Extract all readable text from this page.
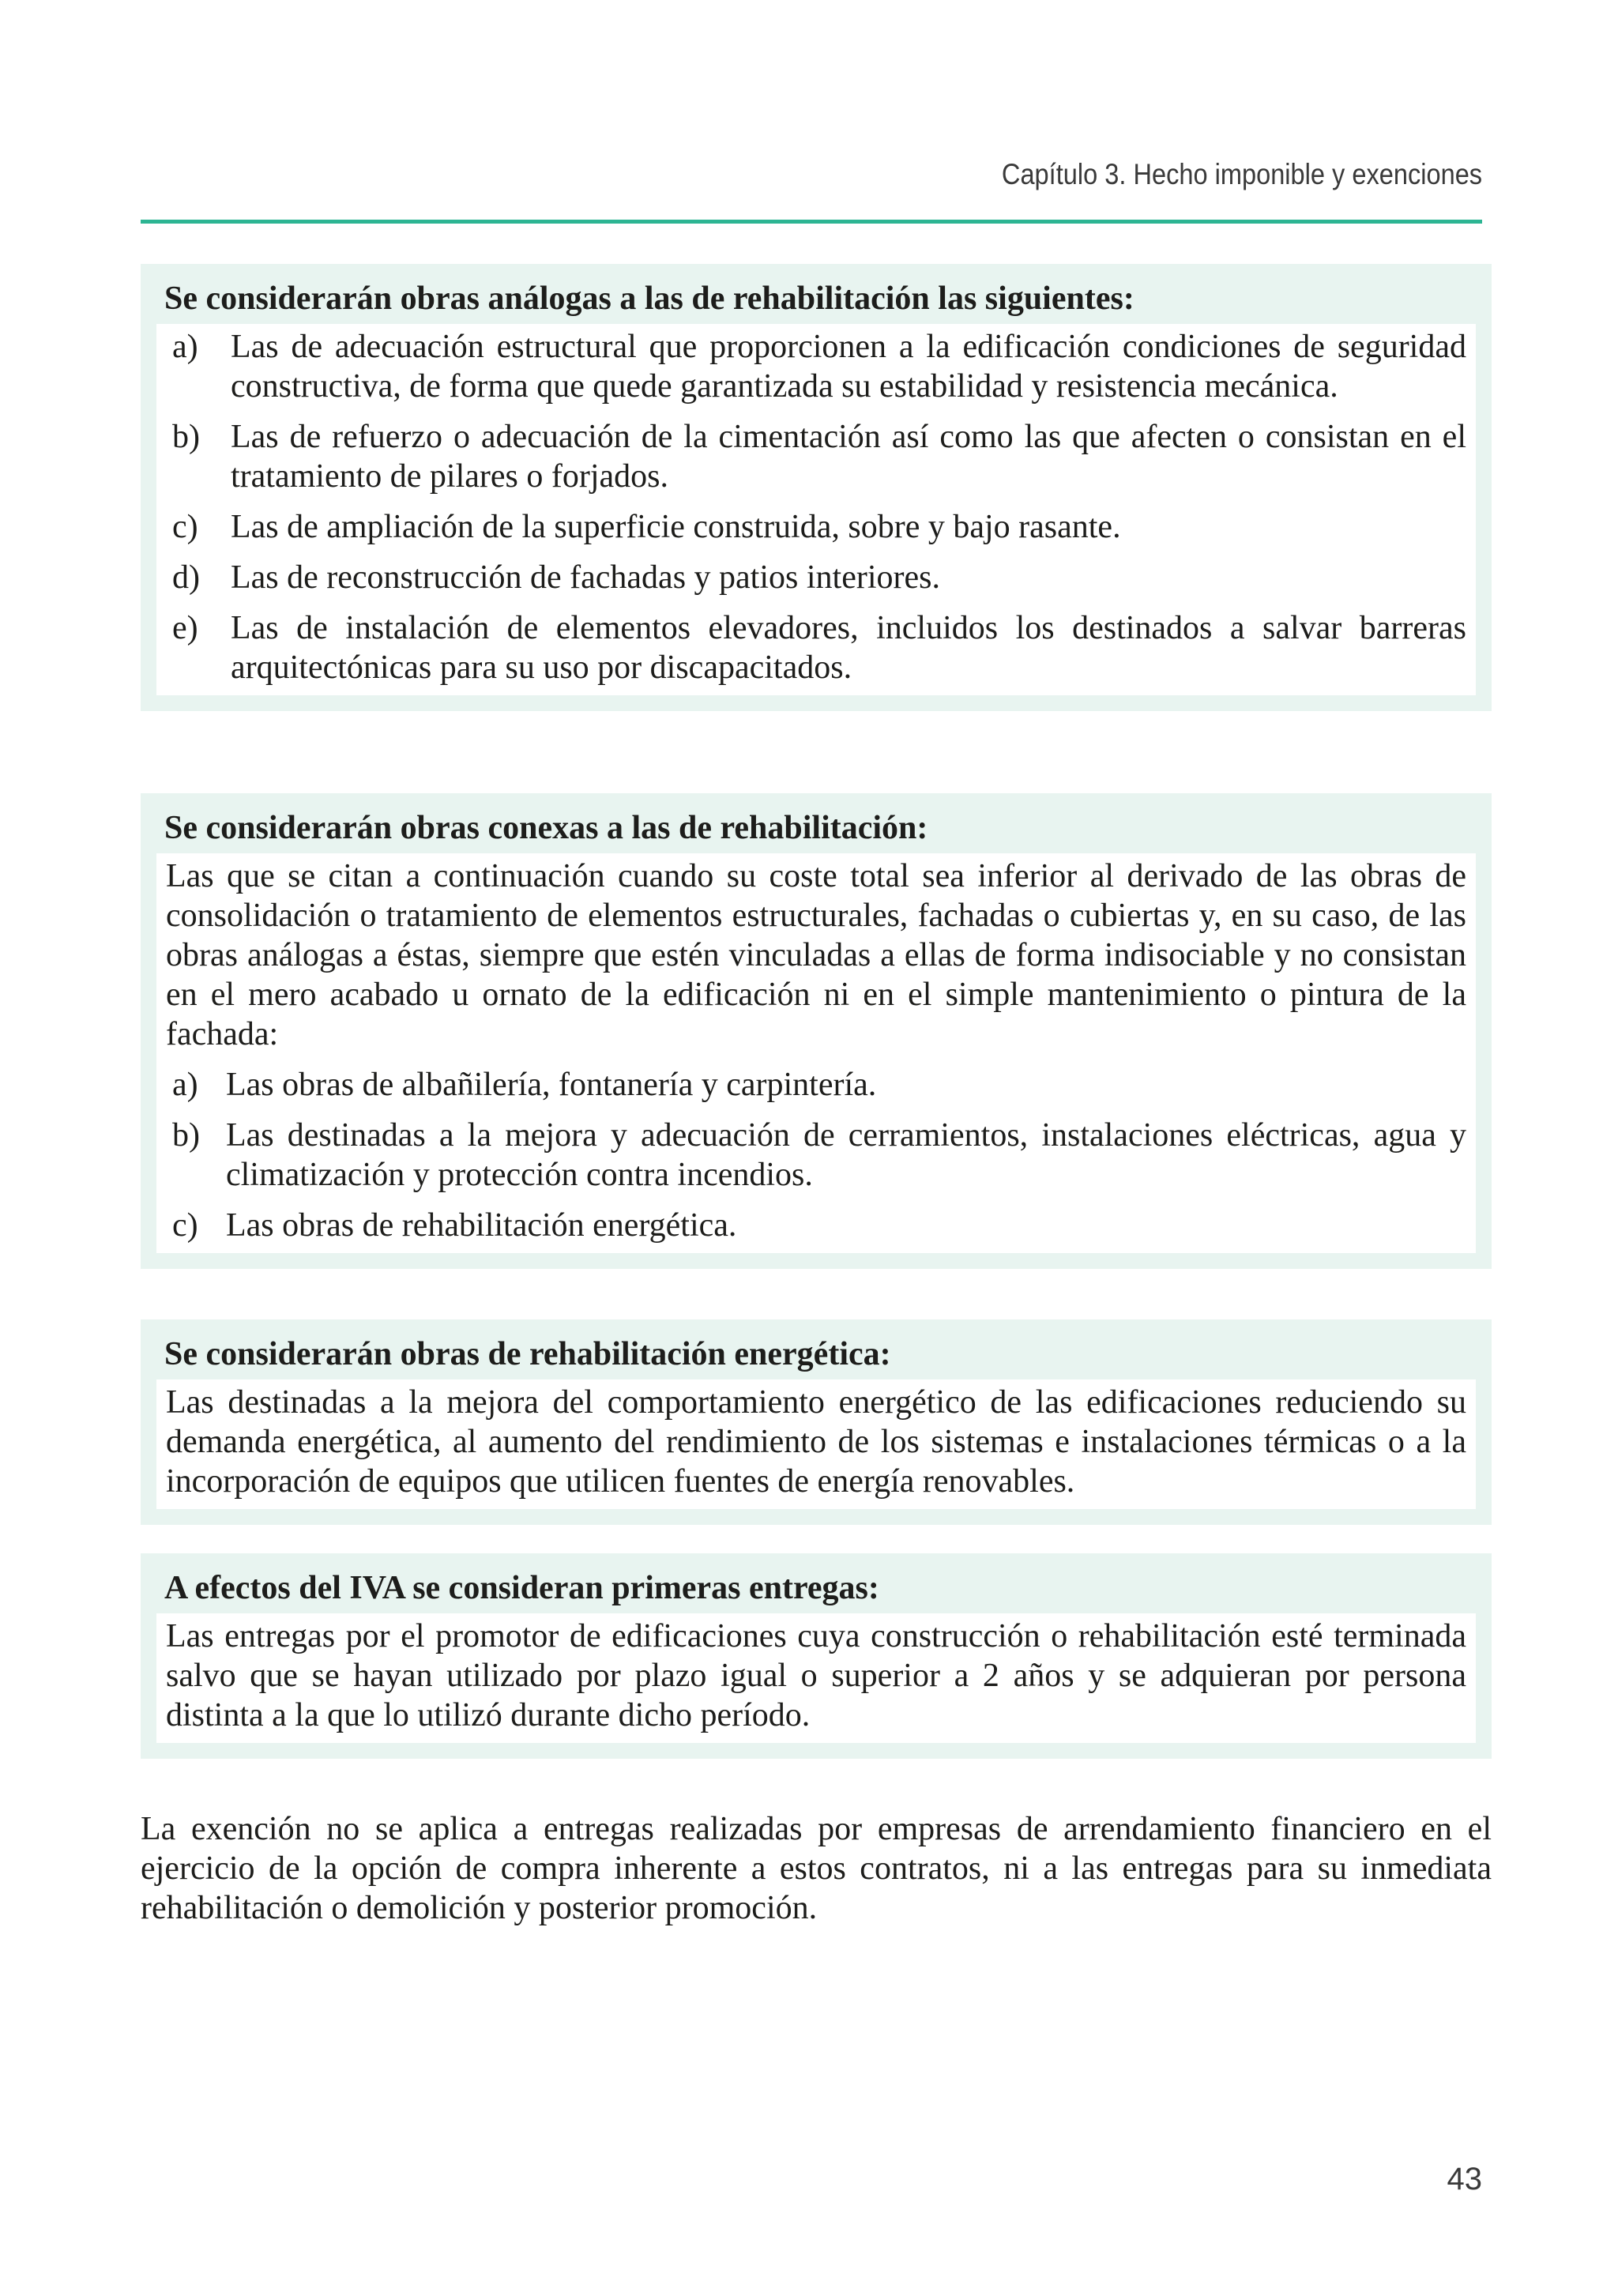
Capítulo 3. Hecho imponible y exenciones
Se considerarán obras análogas a las de rehabilitación las siguientes:
a) Las de adecuación estructural que proporcionen a la edificación condiciones de seguridad constructiva, de forma que quede garantizada su estabilidad y resistencia mecánica.
b) Las de refuerzo o adecuación de la cimentación así como las que afecten o consistan en el tratamiento de pilares o forjados.
c) Las de ampliación de la superficie construida, sobre y bajo rasante.
d) Las de reconstrucción de fachadas y patios interiores.
e) Las de instalación de elementos elevadores, incluidos los destinados a salvar barreras arquitectónicas para su uso por discapacitados.
Se considerarán obras conexas a las de rehabilitación:
Las que se citan a continuación cuando su coste total sea inferior al derivado de las obras de consolidación o tratamiento de elementos estructurales, fachadas o cubiertas y, en su caso, de las obras análogas a éstas, siempre que estén vinculadas a ellas de forma indisociable y no consistan en el mero acabado u ornato de la edificación ni en el simple mantenimiento o pintura de la fachada:
a) Las obras de albañilería, fontanería y carpintería.
b) Las destinadas a la mejora y adecuación de cerramientos, instalaciones eléctricas, agua y climatización y protección contra incendios.
c) Las obras de rehabilitación energética.
Se considerarán obras de rehabilitación energética:
Las destinadas a la mejora del comportamiento energético de las edificaciones reduciendo su demanda energética, al aumento del rendimiento de los sistemas e instalaciones térmicas o a la incorporación de equipos que utilicen fuentes de energía renovables.
A efectos del IVA se consideran primeras entregas:
Las entregas por el promotor de edificaciones cuya construcción o rehabilitación esté terminada salvo que se hayan utilizado por plazo igual o superior a 2 años y se adquieran por persona distinta a la que lo utilizó durante dicho período.
La exención no se aplica a entregas realizadas por empresas de arrendamiento financiero en el ejercicio de la opción de compra inherente a estos contratos, ni a las entregas para su inmediata rehabilitación o demolición y posterior promoción.
43
